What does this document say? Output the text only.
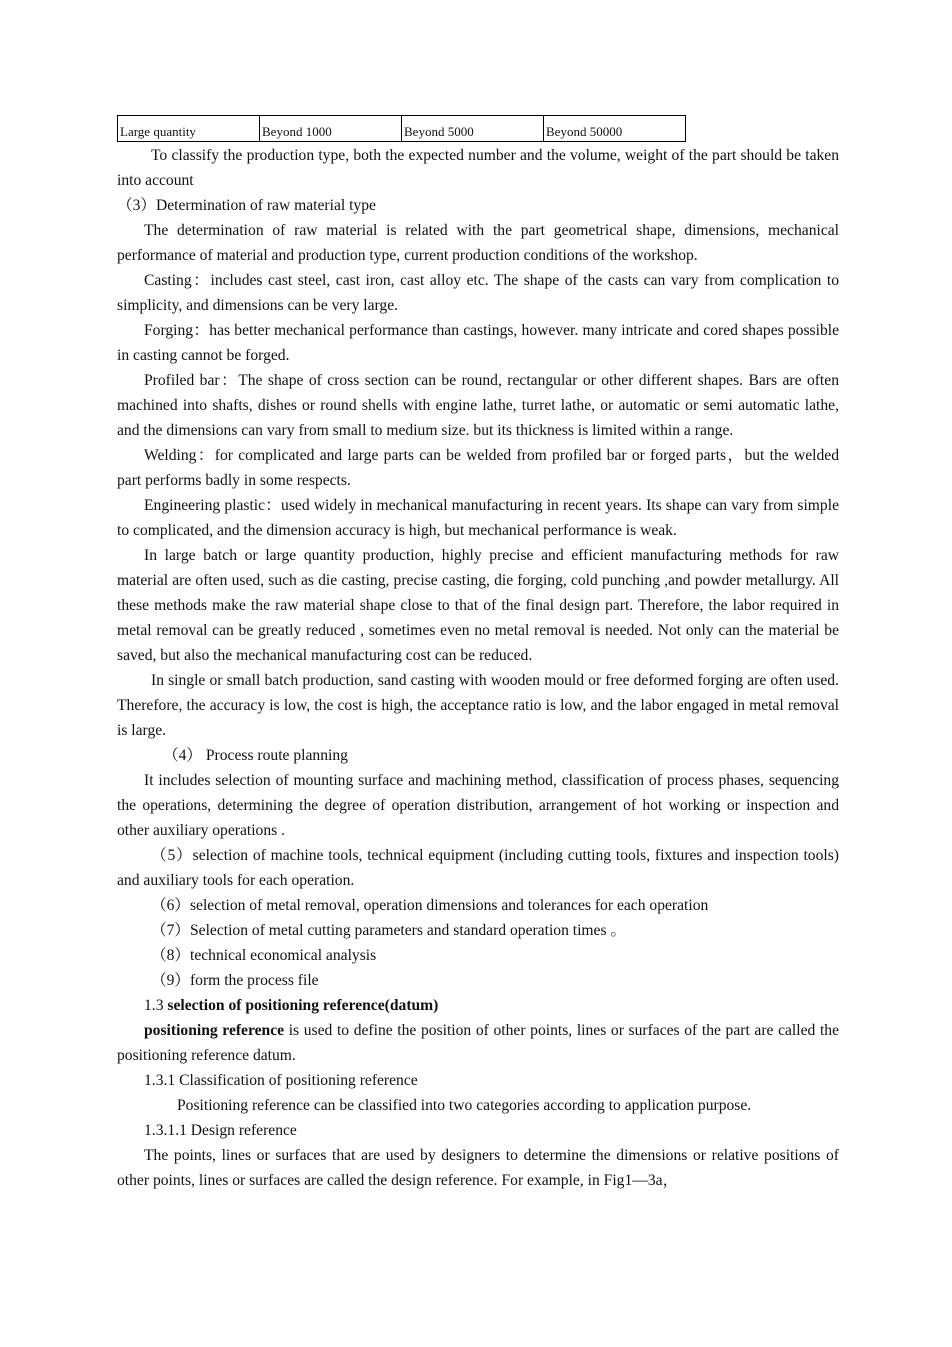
Large quantity	Beyond 1000	Beyond 5000	Beyond 50000

To classify the production type, both the expected number and the volume, weight of the part should be taken into account

（3）Determination of raw material type

The determination of raw material is related with the part geometrical shape, dimensions, mechanical performance of material and production type, current production conditions of the workshop.

Casting：includes cast steel, cast iron, cast alloy etc. The shape of the casts can vary from complication to simplicity, and dimensions can be very large.

Forging：has better mechanical performance than castings, however. many intricate and cored shapes possible in casting cannot be forged.

Profiled bar：The shape of cross section can be round, rectangular or other different shapes. Bars are often machined into shafts, dishes or round shells with engine lathe, turret lathe, or automatic or semi automatic lathe, and the dimensions can vary from small to medium size. but its thickness is limited within a range.

Welding：for complicated and large parts can be welded from profiled bar or forged parts，but the welded part performs badly in some respects.

Engineering plastic：used widely in mechanical manufacturing in recent years. Its shape can vary from simple to complicated, and the dimension accuracy is high, but mechanical performance is weak.

In large batch or large quantity production, highly precise and efficient manufacturing methods for raw material are often used, such as die casting, precise casting, die forging, cold punching ,and powder metallurgy. All these methods make the raw material shape close to that of the final design part. Therefore, the labor required in metal removal can be greatly reduced , sometimes even no metal removal is needed. Not only can the material be saved, but also the mechanical manufacturing cost can be reduced.

In single or small batch production, sand casting with wooden mould or free deformed forging are often used. Therefore, the accuracy is low, the cost is high, the acceptance ratio is low, and the labor engaged in metal removal is large.

（4） Process route planning

It includes selection of mounting surface and machining method, classification of process phases, sequencing the operations, determining the degree of operation distribution, arrangement of hot working or inspection and other auxiliary operations .

（5）selection of machine tools, technical equipment (including cutting tools, fixtures and inspection tools) and auxiliary tools for each operation.

（6）selection of metal removal, operation dimensions and tolerances for each operation

（7）Selection of metal cutting parameters and standard operation times 。

（8）technical economical analysis

（9）form the process file

1.3 selection of positioning reference(datum)

positioning reference is used to define the position of other points, lines or surfaces of the part are called the positioning reference datum.

1.3.1 Classification of positioning reference

Positioning reference can be classified into two categories according to application purpose.

1.3.1.1 Design reference

The points, lines or surfaces that are used by designers to determine the dimensions or relative positions of other points, lines or surfaces are called the design reference. For example, in Fig1—3a，
